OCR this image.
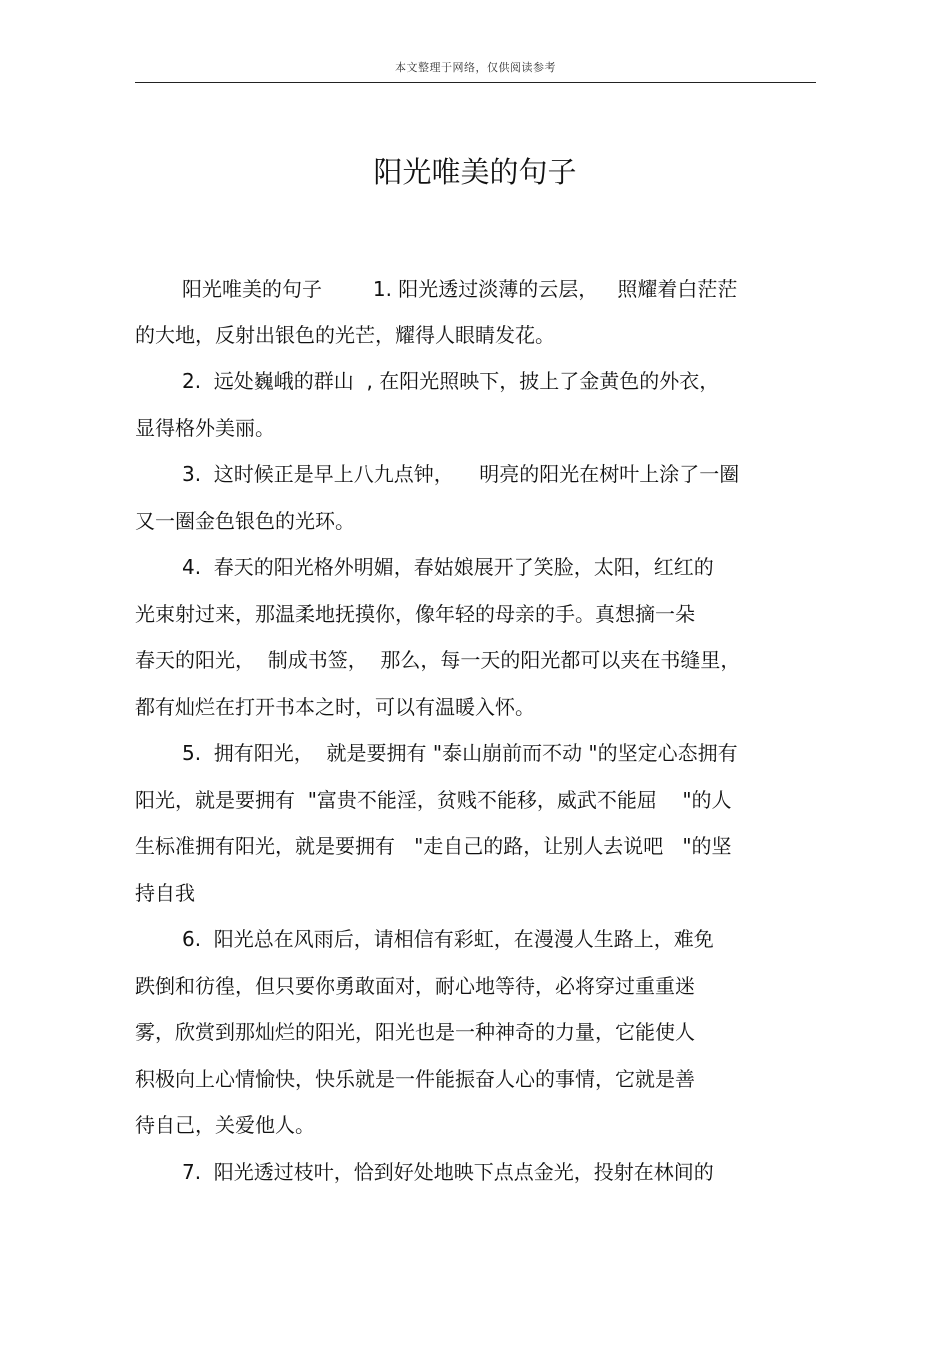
本文整理于网络，仅供阅读参考
阳光唯美的句子
阳光唯美的句子        1. 阳光透过淡薄的云层，   照耀着白茫茫
的大地，反射出银色的光芒，耀得人眼睛发花。
2.  远处巍峨的群山  , 在阳光照映下，披上了金黄色的外衣，
显得格外美丽。
3.  这时候正是早上八九点钟，    明亮的阳光在树叶上涂了一圈
又一圈金色银色的光环。
4.  春天的阳光格外明媚，春姑娘展开了笑脸，太阳，红红的
光束射过来，那温柔地抚摸你，像年轻的母亲的手。真想摘一朵
春天的阳光，  制成书签，  那么，每一天的阳光都可以夹在书缝里，
都有灿烂在打开书本之时，可以有温暖入怀。
5.  拥有阳光，  就是要拥有 "泰山崩前而不动 "的坚定心态拥有
阳光，就是要拥有  "富贵不能淫，贫贱不能移，威武不能屈    "的人
生标准拥有阳光，就是要拥有   "走自己的路，让别人去说吧   "的坚
持自我
6.  阳光总在风雨后，请相信有彩虹，在漫漫人生路上，难免
跌倒和彷徨，但只要你勇敢面对，耐心地等待，必将穿过重重迷
雾，欣赏到那灿烂的阳光，阳光也是一种神奇的力量，它能使人
积极向上心情愉快，快乐就是一件能振奋人心的事情，它就是善
待自己，关爱他人。
7.  阳光透过枝叶，恰到好处地映下点点金光，投射在林间的
